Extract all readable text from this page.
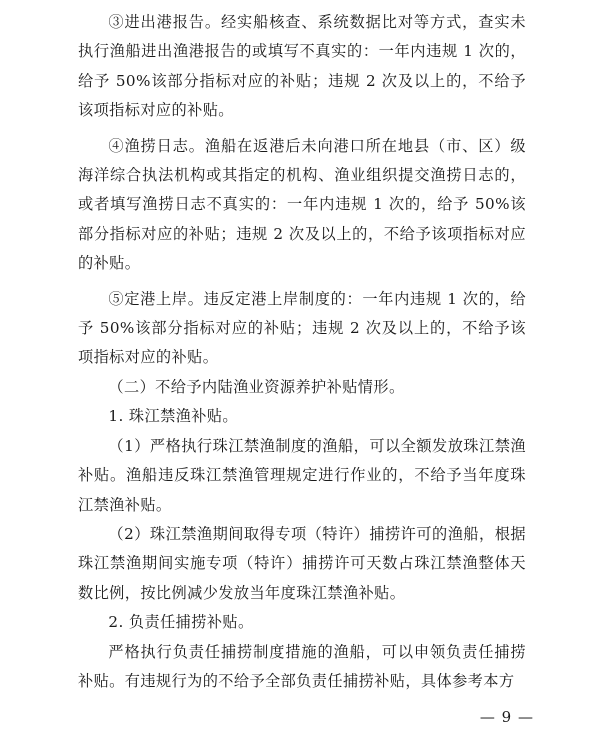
③进出港报告。经实船核查、系统数据比对等方式，查实未执行渔船进出渔港报告的或填写不真实的：一年内违规 1 次的，给予 50%该部分指标对应的补贴；违规 2 次及以上的，不给予该项指标对应的补贴。

④渔捞日志。渔船在返港后未向港口所在地县（市、区）级海洋综合执法机构或其指定的机构、渔业组织提交渔捞日志的，或者填写渔捞日志不真实的：一年内违规 1 次的，给予 50%该部分指标对应的补贴；违规 2 次及以上的，不给予该项指标对应的补贴。

⑤定港上岸。违反定港上岸制度的：一年内违规 1 次的，给予 50%该部分指标对应的补贴；违规 2 次及以上的，不给予该项指标对应的补贴。

（二）不给予内陆渔业资源养护补贴情形。

1. 珠江禁渔补贴。

（1）严格执行珠江禁渔制度的渔船，可以全额发放珠江禁渔补贴。渔船违反珠江禁渔管理规定进行作业的，不给予当年度珠江禁渔补贴。

（2）珠江禁渔期间取得专项（特许）捕捞许可的渔船，根据珠江禁渔期间实施专项（特许）捕捞许可天数占珠江禁渔整体天数比例，按比例减少发放当年度珠江禁渔补贴。

2. 负责任捕捞补贴。

严格执行负责任捕捞制度措施的渔船，可以申领负责任捕捞补贴。有违规行为的不给予全部负责任捕捞补贴，具体参考本方

— 9 —
